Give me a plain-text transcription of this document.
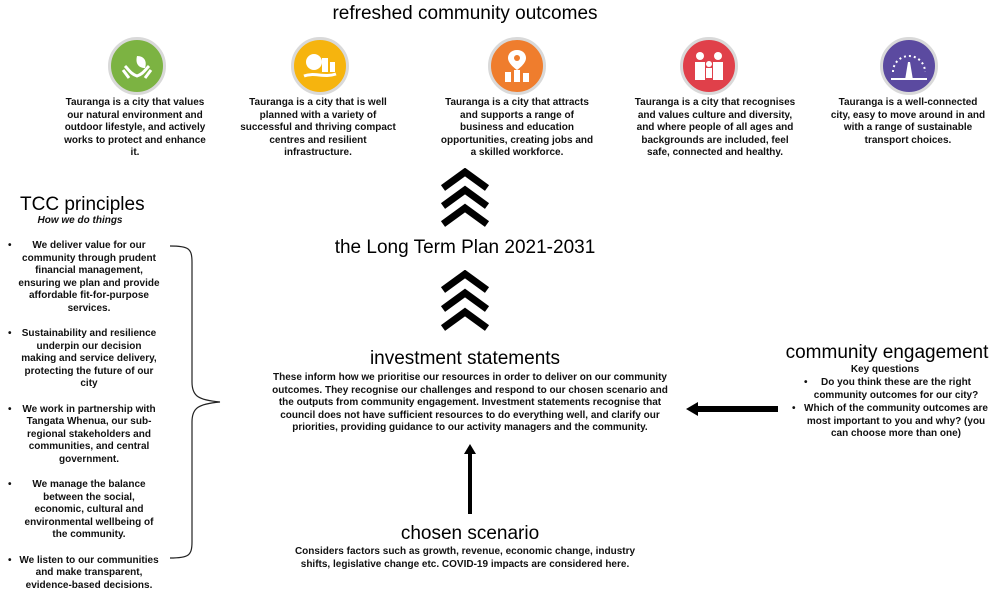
refreshed community outcomes
Tauranga is a city that values our natural environment and outdoor lifestyle, and actively works to protect and enhance it.
Tauranga is a city that is well planned with a variety of successful and thriving compact centres and resilient infrastructure.
Tauranga is a city that attracts and supports a range of business and education opportunities, creating jobs and a skilled workforce.
Tauranga is a city that recognises and values culture and diversity, and where people of all ages and backgrounds are included, feel safe, connected and healthy.
Tauranga is a well-connected city, easy to move around in and with a range of sustainable transport choices.
the Long Term Plan 2021-2031
investment statements
These inform how we prioritise our resources in order to deliver on our community outcomes. They recognise our challenges and respond to our chosen scenario and the outputs from community engagement. Investment statements recognise that council does not have sufficient resources to do everything well, and clarify our priorities, providing guidance to our activity managers and the community.
chosen scenario
Considers factors such as growth, revenue, economic change, industry shifts, legislative change etc. COVID-19 impacts are considered here.
community engagement
Key questions
• Do you think these are the right community outcomes for our city?
• Which of the community outcomes are most important to you and why? (you can choose more than one)
TCC principles
How we do things
• We deliver value for our community through prudent financial management, ensuring we plan and provide affordable fit-for-purpose services.
• Sustainability and resilience underpin our decision making and service delivery, protecting the future of our city
• We work in partnership with Tangata Whenua, our sub-regional stakeholders and communities, and central government.
• We manage the balance between the social, economic, cultural and environmental wellbeing of the community.
• We listen to our communities and make transparent, evidence-based decisions.
